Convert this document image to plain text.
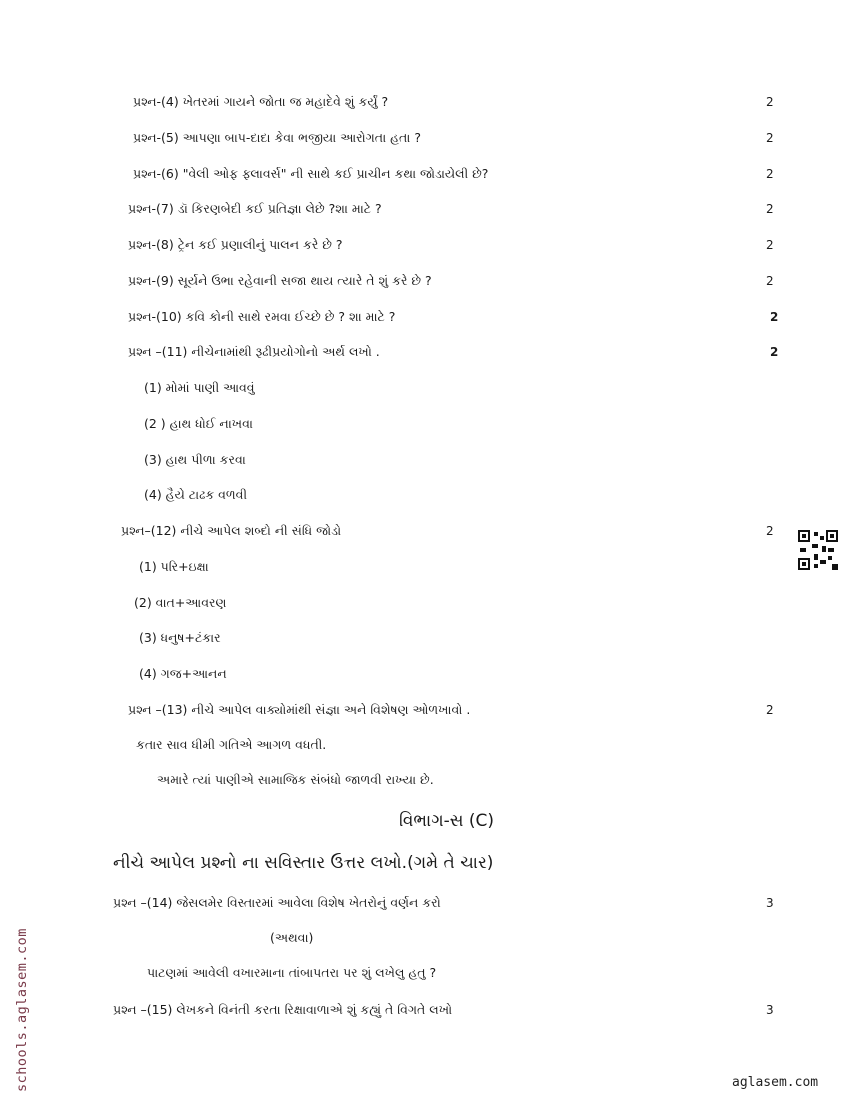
પ્રશ્ન-(4) ખેતરમાં ગાયને જોતા જ મહાદેવે શું કર્યું ?	2
પ્રશ્ન-(5) આપણા બાપ-દાદા કેવા ભજીયા આરોગતા હતા ?	2
પ્રશ્ન-(6) "વેલી ઓફ ફ્લાવર્સ" ની સાથે કઈ પ્રાચીન કથા જોડાયેલી છે?	2
પ્રશ્ન-(7) ડૉ કિરણબેદી કઈ પ્રતિજ્ઞા લેછે ?શા માટે ?	2
પ્રશ્ન-(8) ટ્રેન કઈ પ્રણાલીનું પાલન કરે છે ?	2
પ્રશ્ન-(9) સૂર્યને ઉભા રહેવાની સજા થાય ત્યારે તે શું કરે છે ?	2
પ્રશ્ન-(10) કવિ કોની સાથે રમવા ઈચ્છે છે ? શા માટે ?	2
પ્રશ્ન –(11) નીચેનામાંથી રૂઢીપ્રયોગોનો અર્થ લખો .	2
(1) મોમાં પાણી આવવું
(2 ) હાથ ધોઈ નાખવા
(3) હાથ પીળા કરવા
(4) હૈયે ટાઢક વળવી
પ્રશ્ન–(12) નીચે આપેલ શબ્દો ની સંધિ જોડો	2
(1) પરિ+ઇક્ષા
(2) વાત+આવરણ
(3) ધનુષ+ટંકાર
(4) ગજ+આનન
પ્રશ્ન –(13) નીચે આપેલ વાક્યોમાંથી સંજ્ઞા અને વિશેષણ ઓળખાવો .	2
કતાર સાવ ધીમી ગતિએ આગળ વધતી.
અમારે ત્યાં પાણીએ સામાજિક સંબંધો જાળવી રાખ્યા છે.
વિભાગ-સ (C)
નીચે આપેલ પ્રશ્નો ના સવિસ્તાર ઉત્તર લખો.(ગમે તે ચાર)
પ્રશ્ન –(14) જેસલમેર વિસ્તારમાં આવેલા વિશેષ ખેતરોનું વર્ણન કરો	3
(અથવા)
પાટણમાં આવેલી વખારમાના તાંબાપતરા પર શું લખેલુ હતુ ?
પ્રશ્ન –(15) લેખકને વિનંતી કરતા રિક્ષાવાળાએ શું કહ્યું તે વિગતે લખો	3
schools.aglasem.com	aglasem.com
